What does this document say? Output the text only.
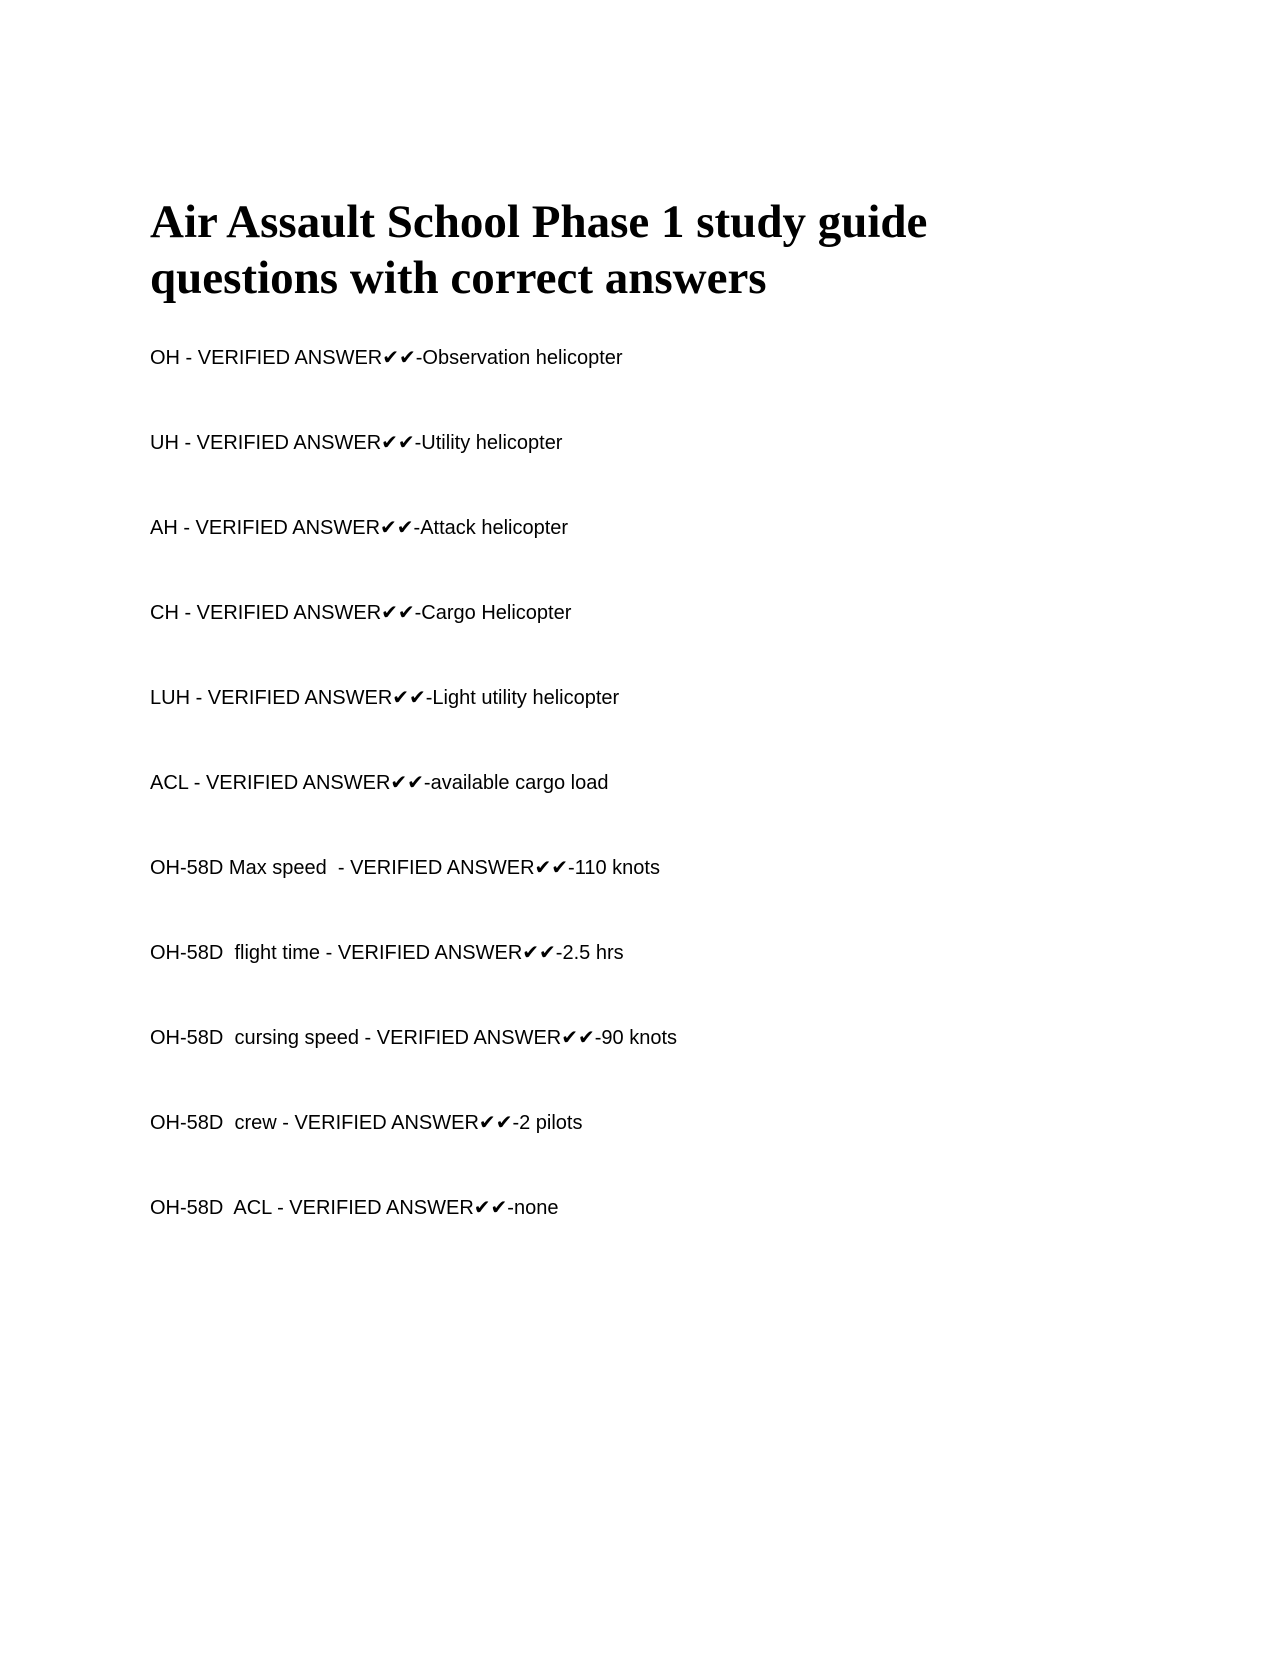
Air Assault School Phase 1 study guide questions with correct answers
OH - VERIFIED ANSWER✔✔-Observation helicopter
UH - VERIFIED ANSWER✔✔-Utility helicopter
AH - VERIFIED ANSWER✔✔-Attack helicopter
CH - VERIFIED ANSWER✔✔-Cargo Helicopter
LUH - VERIFIED ANSWER✔✔-Light utility helicopter
ACL - VERIFIED ANSWER✔✔-available cargo load
OH-58D Max speed  - VERIFIED ANSWER✔✔-110 knots
OH-58D  flight time - VERIFIED ANSWER✔✔-2.5 hrs
OH-58D  cursing speed - VERIFIED ANSWER✔✔-90 knots
OH-58D  crew - VERIFIED ANSWER✔✔-2 pilots
OH-58D  ACL - VERIFIED ANSWER✔✔-none
